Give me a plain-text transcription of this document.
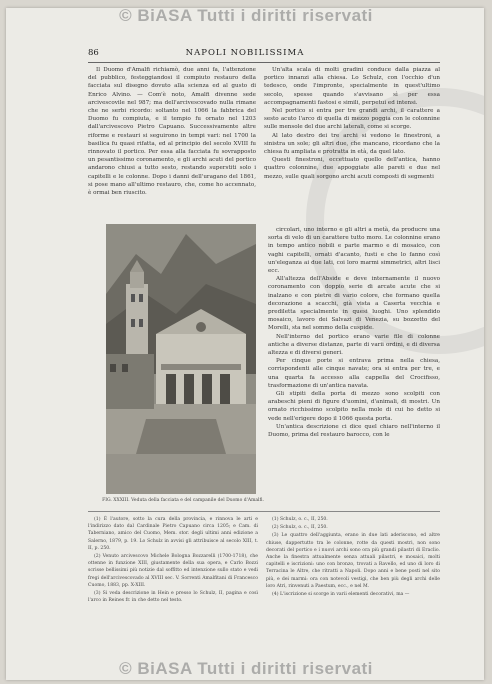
86	NAPOLI NOBILISSIMA

Il Duomo d'Amalfi richiamò, due anni fa, l'attenzione del pubblico, festeggiandosi il compiuto restauro della facciata sul disegno dovuto alla scienza ed al gusto di Enrico Alvino. — Com'è noto, Amalfi divenne sede arcivescovile nel 987; ma dell'arcivescovado nulla rimane che ne serbi ricordo: soltanto nel 1066 la fabbrica del Duomo fu compiuta, e il tempio fu ornato nel 1203 dall'arcivescovo Pietro Capuano. Successivamente altre riforme e restauri si seguirono in tempi vari: nel 1700 la basilica fu quasi rifatta, ed al principio del secolo XVIII fu rinnovato il portico. Per essa alla facciata fu sovrapposto un pesantissimo coronamento, e gli archi acuti del portico andarono chiusi a tutto sesto, restando superstiti solo i capitelli e le colonne. Dopo i danni dell'uragano del 1861, si pose mano all'ultimo restauro, che, come ho accennato, è ormai ben riuscito.

Un'alta scala di molti gradini conduce dalla piazza al portico innanzi alla chiesa. Lo Schulz, con l'occhio d'un tedesco, onde l'impronte, specialmente in quest'ultimo secolo, spesse quando s'avvisano sì per essa accompagnamenti fastosi e simili, perpetui ed intensi.

Nel portico si entra per tre grandi archi, il carattere a sesto acuto l'arco di quella di mezzo poggia con le colonnine sulle mensole del due archi laterali, come si scorge.

Al lato destro dei tre archi si vedono le finestroni, a sinistra un sole; gli altri due, che mancano, ricordano che la chiesa fu ampliata e protratta in età, da quel lato.

Questi finestroni, eccettuato quello dell'antica, hanno quattro colonnine, due appoggiate alle pareti e due nel mezzo, sulle quali sorgono archi acuti composti di segmenti

FIG. XXXIII. Veduta della facciata e del campanile del Duomo d'Amalfi.

circolari, uno interno e gli altri a metà, da producre una sorta di velo di un carattere tutto moro. Le colonnine erano in tempo antico nobili e parte marmo e di mosaico, con vaghi capitelli, ornati d'acanto, fusti e che lo fanno così un'eleganza ai due lati, coi loro marmi simmetrici, altri lisci ecc.

All'altezza dell'Abside e deve internamente il nuovo coronamento con doppio serie di arcate acute che si inalzano e con pietre di vario colore, che formano quella decorazione a scacchi, già vista a Caserta vecchia e prediletta specialmente in quesi luoghi. Uno splendido mosaico, lavoro dei Salvazi di Venezia, su bozzetto del Morelli, sta nel sommo della cuspide.

Nell'interno del portico erano varie file di colonne antiche a diverse distanze, parte di varii ordini, e di diversa altezza e di diversi generi.

Per cinque porte si entrava prima nella chiesa, corrispondenti alle cinque navate; ora si entra per tre, e una quarta fa accesso alla cappella del Crocifisso, trasformazione di un'antica navata.

Gli stipiti della porta di mezzo sono scolpiti con arabeschi pieni di figure d'uomini, d'animali, di mostri. Un ornato ricchissimo scolpito nella mole di cui ho detto si vede nell'erigere dopo il 1066 questa porta.

Un'antica descrizione ci dice quel chiaro nell'interno il Duomo, prima del restauro barocco, con le

(1) È l'autore, sotto la cura della provincia, e rinnova le arti e l'indirizzo dato dal Cardinale Pietro Capuano circa 1205; e Cam. di Taberniano, amico del Cuomo, Mem. stor. degli ultimi anni edizione a Salerno, 1879, p. 19. Lo Schulz in avvisi gli attribuisce al secolo XIII, t. II, p. 250.

(2) Venuto arcivescovo Michele Bologna Bozzarelli (1700-1718), che ottenne in funzione XIII, giustamente della sua opera, e Carlo Bozzi scrisse bellissimi più notizie dal soffitto ed intenzione sullo stato e vedi fregi dell'arcivescovado al XVIII sec. V. Sorrenti Amalfitani di Francesco Cuomo, 1883, pp. X-XIII.

(3) Si veda descrizione in Hein e presso lo Schulz, II, pagina e così l'arco in Reines fr. in che detto nel testo.

(1) Schulz, o. c., II, 250.

(2) Schulz, o. c., II, 250.

(3) Le quattro dell'aggiunta, erano in due lati aderiscono, ed altre chiuse, dappertutto tra le colonne, rotte da questi mostri, non sono decorati del portico e i nuovi archi sono ora più grandi pilastri di Eraclio. Anche la finestra attualmente senza attuali pilastri, e mosaici, molti capitelli e iscrizioni: uno con bronzo, trovati a Ravello, ed uno di loro di Terracina le Altre, che ritratti a Napoli. Dopo anni e bene posti nel sito più, e dei marmi: ora con notevoli vestigi, che ben più degli archi delle loro Atri, rinvenuti a Paestum, ecc., e nel M.

(4) L'iscrizione si scorge in varii elementi decorativi, ma —

© BiASA Tutti i diritti riservati
© BiASA Tutti i diritti riservati
